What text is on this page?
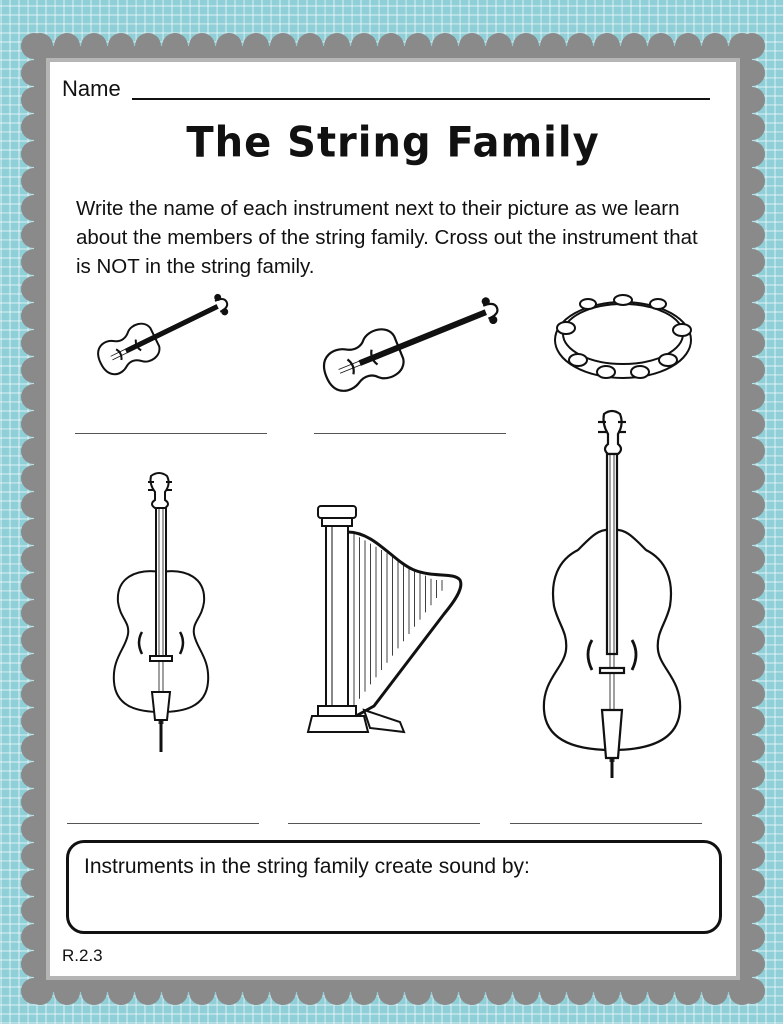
Name
The String Family
Write the name of each instrument next to their picture as we learn about the members of the string family. Cross out the instrument that is NOT in the string family.
Instruments in the string family create sound by:
R.2.3
